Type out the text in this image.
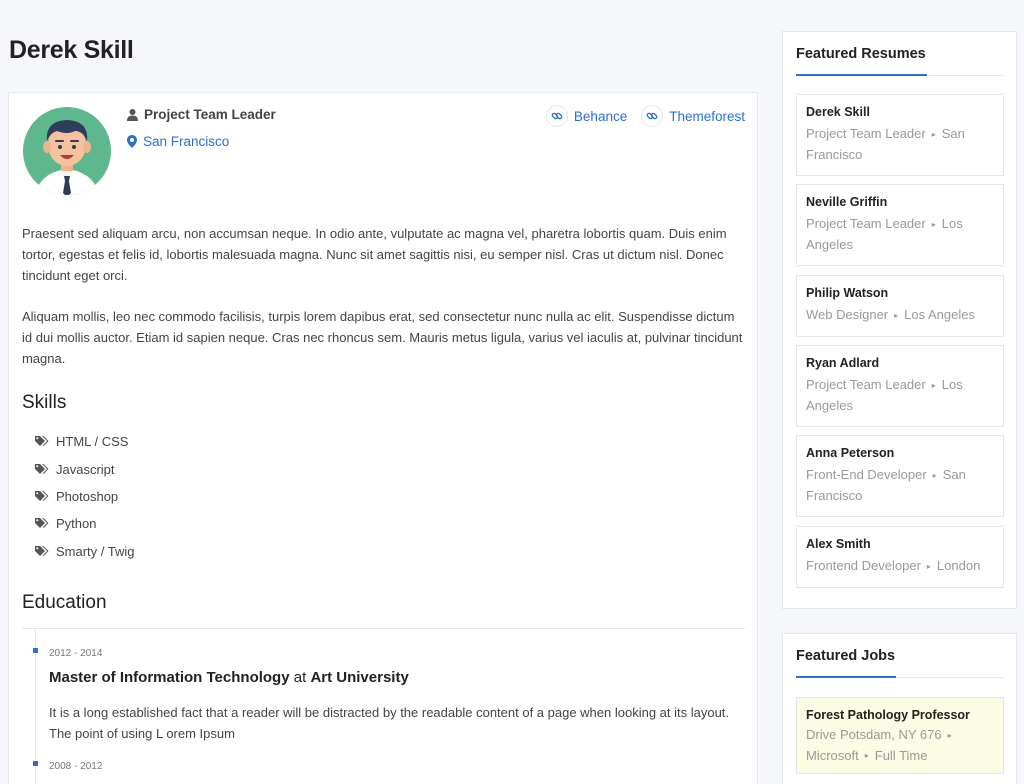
Derek Skill
Project Team Leader
San Francisco
Behance	Themeforest

Praesent sed aliquam arcu, non accumsan neque. In odio ante, vulputate ac magna vel, pharetra lobortis quam. Duis enim tortor, egestas et felis id, lobortis malesuada magna. Nunc sit amet sagittis nisi, eu semper nisl. Cras ut dictum nisl. Donec tincidunt eget orci.

Aliquam mollis, leo nec commodo facilisis, turpis lorem dapibus erat, sed consectetur nunc nulla ac elit. Suspendisse dictum id dui mollis auctor. Etiam id sapien neque. Cras nec rhoncus sem. Mauris metus ligula, varius vel iaculis at, pulvinar tincidunt magna.

Skills
HTML / CSS
Javascript
Photoshop
Python
Smarty / Twig
Education
2012 - 2014
Master of Information Technology at Art University

It is a long established fact that a reader will be distracted by the readable content of a page when looking at its layout. The point of using L orem Ipsum

2008 - 2012
Featured Resumes
Derek Skill
Project Team Leader ▸ San Francisco
Neville Griffin
Project Team Leader ▸ Los Angeles
Philip Watson
Web Designer ▸ Los Angeles
Ryan Adlard
Project Team Leader ▸ Los Angeles
Anna Peterson
Front-End Developer ▸ San Francisco
Alex Smith
Frontend Developer ▸ London
Featured Jobs
Forest Pathology Professor
Drive Potsdam, NY 676 ▸
Microsoft ▸ Full Time
